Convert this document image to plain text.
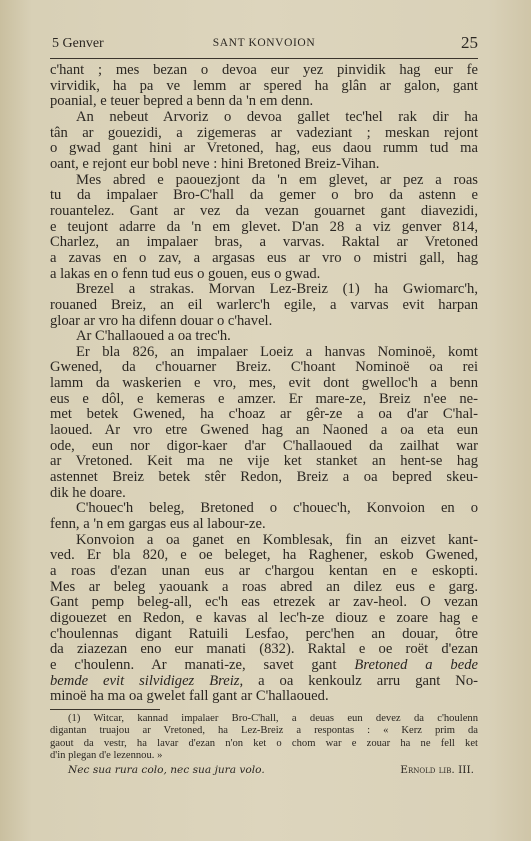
5 Genver	SANT KONVOION	25
c'hant ; mes bezan o devoa eur yez pinvidik hag eur fe
virvidik, ha pa ve lemm ar spered ha glân ar galon, gant
poanial, e teuer bepred a benn da 'n em denn.
An nebeut Arvoriz o devoa gallet tec'hel rak dir ha
tân ar gouezidi, a zigemeras ar vadeziant ; meskan rejont
o gwad gant hini ar Vretoned, hag, eus daou rumm tud ma
oant, e rejont eur bobl neve : hini Bretoned Breiz-Vihan.
Mes abred e paouezjont da 'n em glevet, ar pez a roas
tu da impalaer Bro-C'hall da gemer o bro da astenn e
rouantelez. Gant ar vez da vezan gouarnet gant diavezidi,
e teujont adarre da 'n em glevet. D'an 28 a viz genver 814,
Charlez, an impalaer bras, a varvas. Raktal ar Vretoned
a zavas en o zav, a argasas eus ar vro o mistri gall, hag
a lakas en o fenn tud eus o gouen, eus o gwad.
Brezel a strakas. Morvan Lez-Breiz (1) ha Gwiomarc'h,
rouaned Breiz, an eil warlerc'h egile, a varvas evit harpan
gloar ar vro ha difenn douar o c'havel.
Ar C'hallaoued a oa trec'h.
Er bla 826, an impalaer Loeiz a hanvas Nominoë, komt
Gwened, da c'houarner Breiz. C'hoant Nominoë oa rei
lamm da waskerien e vro, mes, evit dont gwelloc'h a benn
eus e dôl, e kemeras e amzer. Er mare-ze, Breiz n'ee ne-
met betek Gwened, ha c'hoaz ar gêr-ze a oa d'ar C'hal-
laoued. Ar vro etre Gwened hag an Naoned a oa eta eun
ode, eun nor digor-kaer d'ar C'hallaoued da zailhat war
ar Vretoned. Keit ma ne vije ket stanket an hent-se hag
astennet Breiz betek stêr Redon, Breiz a oa bepred skeu-
dik he doare.
C'houec'h beleg, Bretoned o c'houec'h, Konvoion en o
fenn, a 'n em gargas eus al labour-ze.
Konvoion a oa ganet en Komblesak, fin an eizvet kant-
ved. Er bla 820, e oe beleget, ha Raghener, eskob Gwened,
a roas d'ezan unan eus ar c'hargou kentan en e eskopti.
Mes ar beleg yaouank a roas abred an dilez eus e garg.
Gant pemp beleg-all, ec'h eas etrezek ar zav-heol. O vezan
digouezet en Redon, e kavas al lec'h-ze diouz e zoare hag e
c'houlennas digant Ratuili Lesfao, perc'hen an douar, ôtre
da ziazezan eno eur manati (832). Raktal e oe roët d'ezan
e c'houlenn. Ar manati-ze, savet gant Bretoned a bede
bemde evit silvidigez Breiz, a oa kenkoulz arru gant No-
minoë ha ma oa gwelet fall gant ar C'hallaoued.
(1) Witcar, kannad impalaer Bro-C'hall, a deuas eun devez da c'houlenn
digantan truajou ar Vretoned, ha Lez-Breiz a respontas : « Kerz prim da
gaout da vestr, ha lavar d'ezan n'on ket o chom war e zouar ha ne fell ket
d'in plegan d'e lezennou. »
Nec sua rura colo, nec sua jura volo.	Ernold lib. III.
